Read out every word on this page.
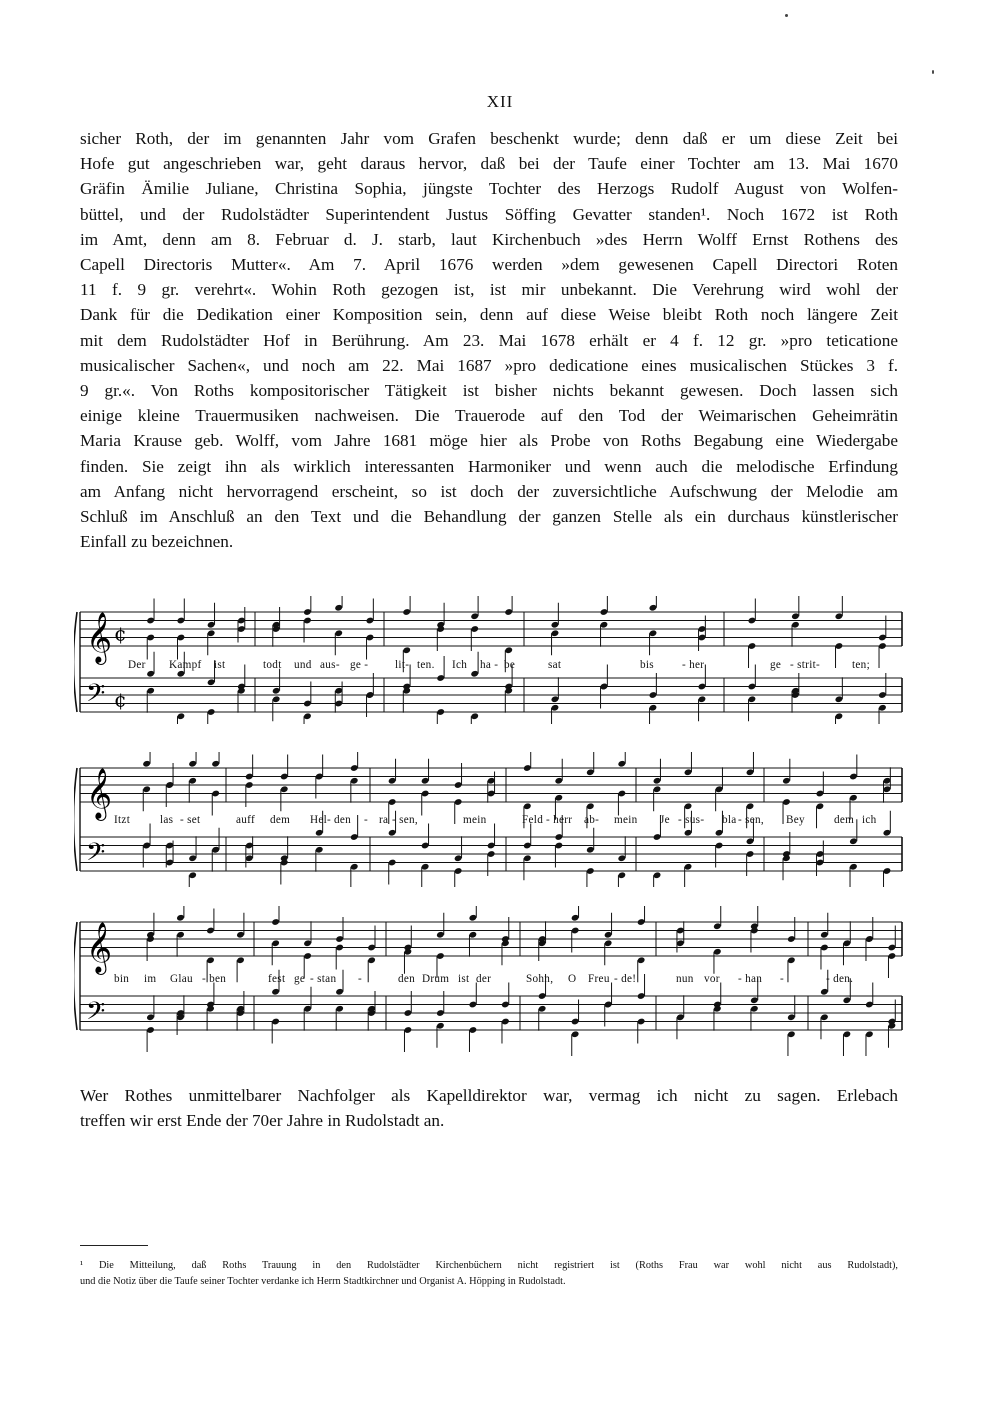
XII
sicher Roth, der im genannten Jahr vom Grafen beschenkt wurde; denn daß er um diese Zeit bei
Hofe gut angeschrieben war, geht daraus hervor, daß bei der Taufe einer Tochter am 13. Mai 1670
Gräfin Ämilie Juliane, Christina Sophia, jüngste Tochter des Herzogs Rudolf August von Wolfen-
büttel, und der Rudolstädter Superintendent Justus Söffing Gevatter standen¹. Noch 1672 ist Roth
im Amt, denn am 8. Februar d. J. starb, laut Kirchenbuch »des Herrn Wolff Ernst Rothens des
Capell Directoris Mutter«. Am 7. April 1676 werden »dem gewesenen Capell Directori Roten
11 f. 9 gr. verehrt«. Wohin Roth gezogen ist, ist mir unbekannt. Die Verehrung wird wohl der
Dank für die Dedikation einer Komposition sein, denn auf diese Weise bleibt Roth noch längere Zeit
mit dem Rudolstädter Hof in Berührung. Am 23. Mai 1678 erhält er 4 f. 12 gr. »pro teticatione
musicalischer Sachen«, und noch am 22. Mai 1687 »pro dedicatione eines musicalischen Stückes 3 f.
9 gr.«. Von Roths kompositorischer Tätigkeit ist bisher nichts bekannt gewesen. Doch lassen sich
einige kleine Trauermusiken nachweisen. Die Trauerode auf den Tod der Weimarischen Geheimrätin
Maria Krause geb. Wolff, vom Jahre 1681 möge hier als Probe von Roths Begabung eine Wiedergabe
finden. Sie zeigt ihn als wirklich interessanten Harmoniker und wenn auch die melodische Erfindung
am Anfang nicht hervorragend erscheint, so ist doch der zuversichtliche Aufschwung der Melodie am
Schluß im Anschluß an den Text und die Behandlung der ganzen Stelle als ein durchaus künstlerischer
Einfall zu bezeichnen.
𝄞 ¢
𝄢 ¢
Der Kampf ist	todt und aus- ge - lit- ten. Ich ha - be	sat	bis	- her	ge - strit-	ten;
𝄞
𝄢
Itzt	las - set	auff dem Hel- den - ra - sen,	mein	Feld - herr ab- mein Je - sus- bla - sen, Bey	dem ich
𝄞
𝄢
bin im Glau - ben	fest ge - stan -	den Drum ist der	Sohn, O Freu - de!	nun vor - han -	- den.
Wer Rothes unmittelbarer Nachfolger als Kapelldirektor war, vermag ich nicht zu sagen. Erlebach
treffen wir erst Ende der 70er Jahre in Rudolstadt an.
¹ Die Mitteilung, daß Roths Trauung in den Rudolstädter Kirchenbüchern nicht registriert ist (Roths Frau war wohl nicht aus Rudolstadt),
und die Notiz über die Taufe seiner Tochter verdanke ich Herrn Stadtkirchner und Organist A. Höpping in Rudolstadt.
